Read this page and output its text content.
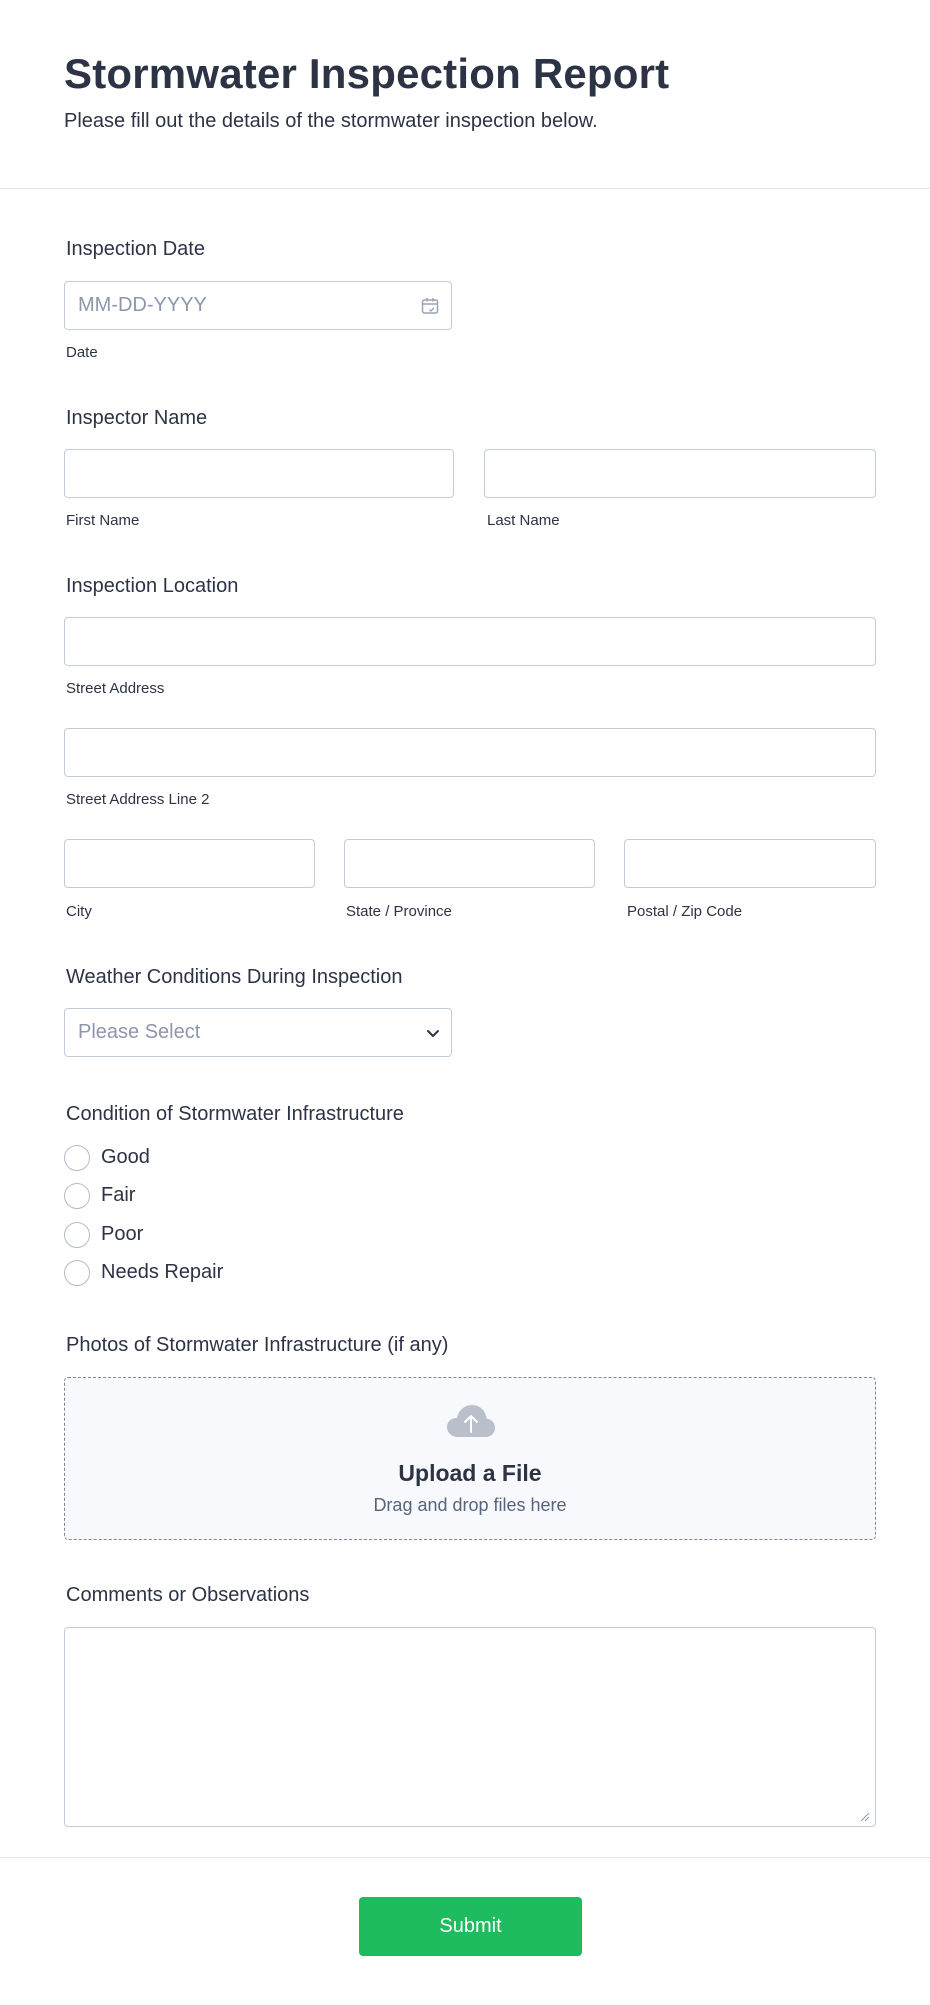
Stormwater Inspection Report
Please fill out the details of the stormwater inspection below.
Inspection Date
MM-DD-YYYY
Date
Inspector Name
First Name	Last Name
Inspection Location
Street Address
Street Address Line 2
City	State / Province	Postal / Zip Code
Weather Conditions During Inspection
Please Select
Condition of Stormwater Infrastructure
Good
Fair
Poor
Needs Repair
Photos of Stormwater Infrastructure (if any)
Upload a File
Drag and drop files here
Comments or Observations
Submit
